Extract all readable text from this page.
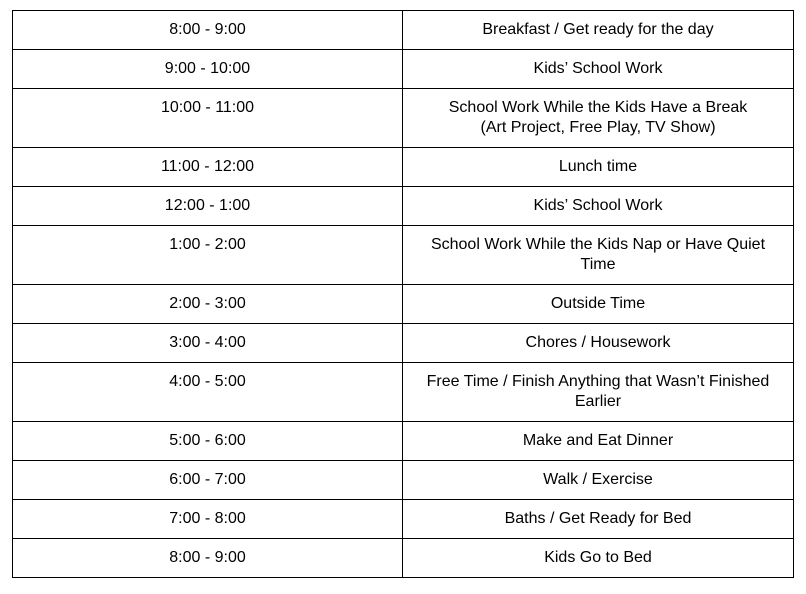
8:00 - 9:00	Breakfast / Get ready for the day

9:00 - 10:00	Kids’ School Work

10:00 - 11:00	School Work While the Kids Have a Break
(Art Project, Free Play, TV Show)

11:00 - 12:00	Lunch time

12:00 - 1:00	Kids’ School Work

1:00 - 2:00	School Work While the Kids Nap or Have Quiet
Time

2:00 - 3:00	Outside Time

3:00 - 4:00	Chores / Housework

4:00 - 5:00	Free Time / Finish Anything that Wasn’t Finished
Earlier

5:00 - 6:00	Make and Eat Dinner

6:00 - 7:00	Walk / Exercise

7:00 - 8:00	Baths / Get Ready for Bed

8:00 - 9:00	Kids Go to Bed
